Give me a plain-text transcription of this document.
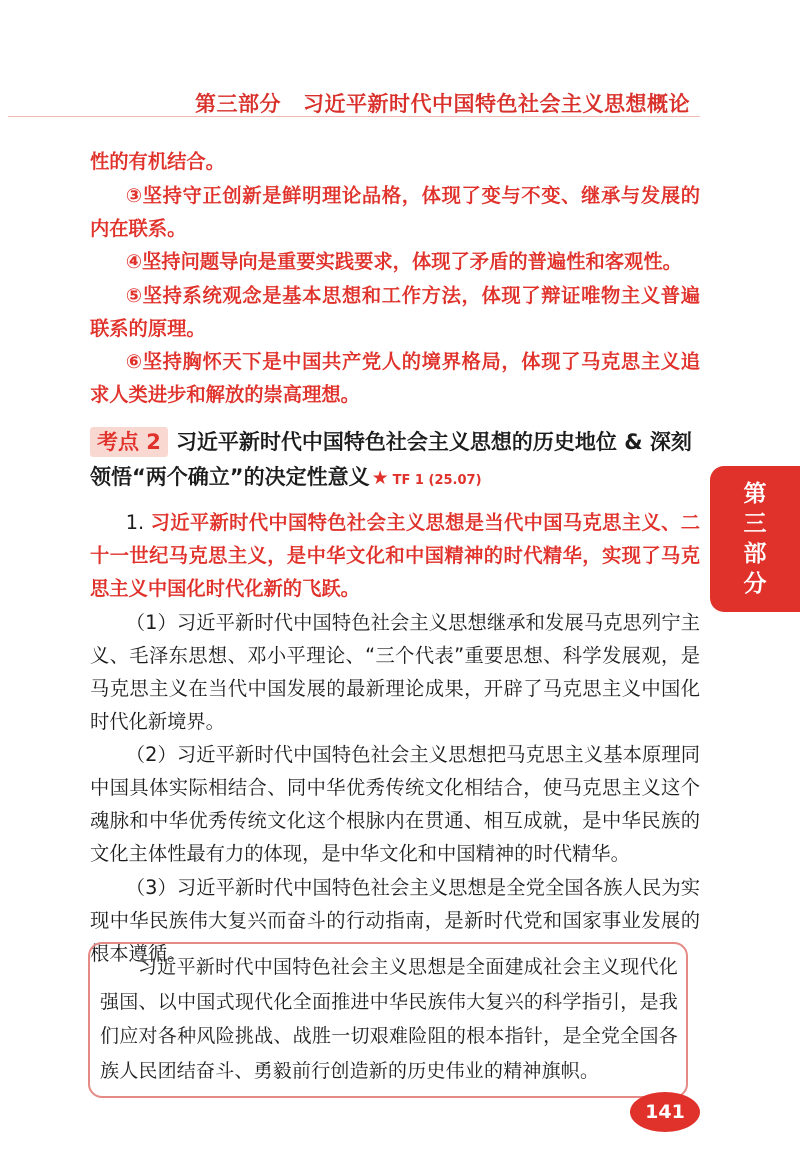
第三部分 习近平新时代中国特色社会主义思想概论

性的有机结合。

③坚持守正创新是鲜明理论品格，体现了变与不变、继承与发展的内在联系。

④坚持问题导向是重要实践要求，体现了矛盾的普遍性和客观性。

⑤坚持系统观念是基本思想和工作方法，体现了辩证唯物主义普遍联系的原理。

⑥坚持胸怀天下是中国共产党人的境界格局，体现了马克思主义追求人类进步和解放的崇高理想。

考点 2 习近平新时代中国特色社会主义思想的历史地位 & 深刻领悟“两个确立”的决定性意义 ★ TF 1 (25.07)

1. 习近平新时代中国特色社会主义思想是当代中国马克思主义、二十一世纪马克思主义，是中华文化和中国精神的时代精华，实现了马克思主义中国化时代化新的飞跃。

（1）习近平新时代中国特色社会主义思想继承和发展马克思列宁主义、毛泽东思想、邓小平理论、“三个代表”重要思想、科学发展观，是马克思主义在当代中国发展的最新理论成果，开辟了马克思主义中国化时代化新境界。

（2）习近平新时代中国特色社会主义思想把马克思主义基本原理同中国具体实际相结合、同中华优秀传统文化相结合，使马克思主义这个魂脉和中华优秀传统文化这个根脉内在贯通、相互成就，是中华民族的文化主体性最有力的体现，是中华文化和中国精神的时代精华。

（3）习近平新时代中国特色社会主义思想是全党全国各族人民为实现中华民族伟大复兴而奋斗的行动指南，是新时代党和国家事业发展的根本遵循。

习近平新时代中国特色社会主义思想是全面建成社会主义现代化强国、以中国式现代化全面推进中华民族伟大复兴的科学指引，是我们应对各种风险挑战、战胜一切艰难险阻的根本指针，是全党全国各族人民团结奋斗、勇毅前行创造新的历史伟业的精神旗帜。

第
三
部
分
141
